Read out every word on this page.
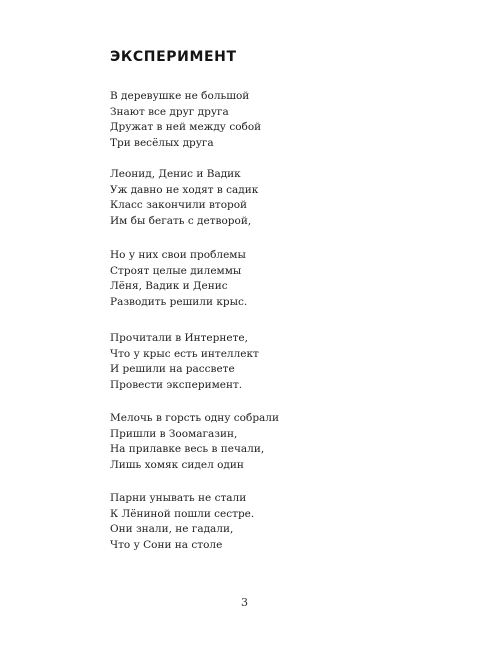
ЭКСПЕРИМЕНТ

В деревушке не большой
Знают все друг друга
Дружат в ней между собой
Три весёлых друга

Леонид, Денис и Вадик
Уж давно не ходят в садик
Класс закончили второй
Им бы бегать с детворой,

Но у них свои проблемы
Строят целые дилеммы
Лёня, Вадик и Денис
Разводить решили крыс.

Прочитали в Интернете,
Что у крыс есть интеллект
И решили на рассвете
Провести эксперимент.

Мелочь в горсть одну собрали
Пришли в Зоомагазин,
На прилавке весь в печали,
Лишь хомяк сидел один

Парни унывать не стали
К Лёниной пошли сестре.
Они знали, не гадали,
Что у Сони на столе

3
